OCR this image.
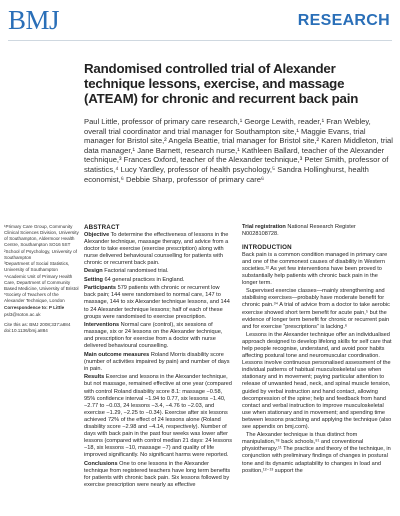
BMJ	RESEARCH
Randomised controlled trial of Alexander technique lessons, exercise, and massage (ATEAM) for chronic and recurrent back pain
Paul Little, professor of primary care research,¹ George Lewith, reader,¹ Fran Webley, overall trial coordinator and trial manager for Southampton site,¹ Maggie Evans, trial manager for Bristol site,² Angela Beattie, trial manager for Bristol site,² Karen Middleton, trial data manager,¹ Jane Barnett, research nurse,¹ Kathleen Ballard, teacher of the Alexander technique,³ Frances Oxford, teacher of the Alexander technique,³ Peter Smith, professor of statistics,⁴ Lucy Yardley, professor of health psychology,⁵ Sandra Hollinghurst, health economist,⁶ Debbie Sharp, professor of primary care⁶

¹Primary Care Group, Community Clinical Sciences Division, University of Southampton, Aldermoor Health Centre, Southampton SO16 5ST

²School of Psychology, University of Southampton

³Department of Social Statistics, University of Southampton

⁴Academic Unit of Primary Health Care, Department of Community Based Medicine, University of Bristol

⁵Society of Teachers of the Alexander Technique, London

Correspondence to: P Little

psl3@soton.ac.uk

Cite this as: BMJ 2008;337:a884 doi:10.1136/bmj.a884

ABSTRACT

Objective To determine the effectiveness of lessons in the Alexander technique, massage therapy, and advice from a doctor to take exercise (exercise prescription) along with nurse delivered behavioural counselling for patients with chronic or recurrent back pain.

Design Factorial randomised trial.

Setting 64 general practices in England.

Participants 579 patients with chronic or recurrent low back pain; 144 were randomised to normal care, 147 to massage, 144 to six Alexander technique lessons, and 144 to 24 Alexander technique lessons; half of each of these groups were randomised to exercise prescription.

Interventions Normal care (control), six sessions of massage, six or 24 lessons on the Alexander technique, and prescription for exercise from a doctor with nurse delivered behavioural counselling.

Main outcome measures Roland Morris disability score (number of activities impaired by pain) and number of days in pain.

Results Exercise and lessons in the Alexander technique, but not massage, remained effective at one year (compared with control Roland disability score 8.1: massage −0.58, 95% confidence interval −1.94 to 0.77, six lessons −1.40, −2.77 to −0.03, 24 lessons −3.4, −4.76 to −2.03, and exercise −1.29, −2.25 to −0.34). Exercise after six lessons achieved 72% of the effect of 24 lessons alone (Roland disability score −2.98 and −4.14, respectively). Number of days with back pain in the past four weeks was lower after lessons (compared with control median 21 days: 24 lessons −18, six lessons −10, massage −7) and quality of life improved significantly. No significant harms were reported.

Conclusions One to one lessons in the Alexander technique from registered teachers have long term benefits for patients with chronic back pain. Six lessons followed by exercise prescription were nearly as effective

Trial registration National Research Register N0028108728.

INTRODUCTION

Back pain is a common condition managed in primary care and one of the commonest causes of disability in Western societies.¹² As yet few interventions have been proved to substantially help patients with chronic back pain in the longer term.

Supervised exercise classes—mainly strengthening and stabilising exercises—probably have moderate benefit for chronic pain.³⁴ A trial of advice from a doctor to take aerobic exercise showed short term benefit for acute pain,⁵ but the evidence of longer term benefit for chronic or recurrent pain and for exercise “prescriptions” is lacking.⁶

Lessons in the Alexander technique offer an individualised approach designed to develop lifelong skills for self care that help people recognise, understand, and avoid poor habits affecting postural tone and neuromuscular coordination. Lessons involve continuous personalised assessment of the individual patterns of habitual musculoskeletal use when stationary and in movement; paying particular attention to release of unwanted head, neck, and spinal muscle tension, guided by verbal instruction and hand contact, allowing decompression of the spine; help and feedback from hand contact and verbal instruction to improve musculoskeletal use when stationary and in movement; and spending time between lessons practising and applying the technique (also see appendix on bmj.com).

The Alexander technique is thus distinct from manipulation,⁷⁸ back schools,⁹¹ and conventional physiotherapy.¹¹ The practice and theory of the technique, in conjunction with preliminary findings of changes in postural tone and its dynamic adaptability to changes in load and position,¹²⁻¹³ support the
